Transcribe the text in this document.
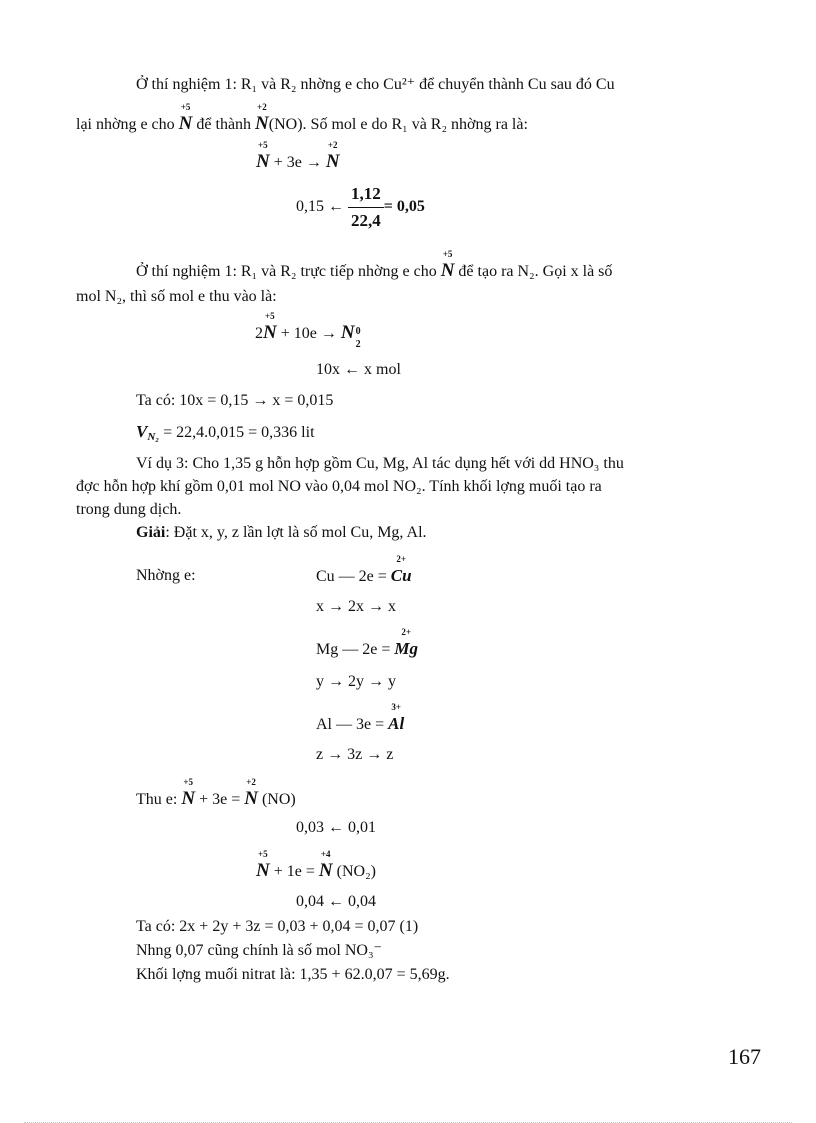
Ở thí nghiệm 1: R₁ và R₂ nhờng e cho Cu²⁺ để chuyển thành Cu sau đó Cu
lại nhờng e cho
+5
N để thành
+2
N(NO). Số mol e do R₁ và R₂ nhờng ra là:
+5
N + 3e →
+2
N
0,15 ← $\frac{1,12}{22,4} = 0,05$
Ở thí nghiệm 1: R₁ và R₂ trực tiếp nhờng e cho
+5
N để tạo ra N₂. Gọi x là số
mol N₂, thì số mol e thu vào là:
2
+5
N + 10e → N 0
2
10x ← x mol
Ta có: 10x = 0,15 → x = 0,015
$V_{N_2} = 22,4.0,015 = 0,336$ lit
Ví dụ 3: Cho 1,35 g hỗn hợp gồm Cu, Mg, Al tác dụng hết với dd HNO₃ thu
đợc hỗn hợp khí gồm 0,01 mol NO vào 0,04 mol NO₂. Tính khối lợng muối tạo ra
trong dung dịch.
Giải: Đặt x, y, z lần lợt là số mol Cu, Mg, Al.
Nhờng e:	Cu — 2e =
2+
Cu
x → 2x → x
Mg — 2e =
2+
Mg
y → 2y → y
Al — 3e =
3+
Al
z → 3z → z
Thu e:
+5
N + 3e =
+2
N (NO)
0,03 ← 0,01
+5
N + 1e =
+4
N (NO₂)
0,04 ← 0,04
Ta có: 2x + 2y + 3z = 0,03 + 0,04 = 0,07 (1)
Nhng 0,07 cũng chính là số mol NO₃⁻
Khối lợng muối nitrat là: 1,35 + 62.0,07 = 5,69g.
167
